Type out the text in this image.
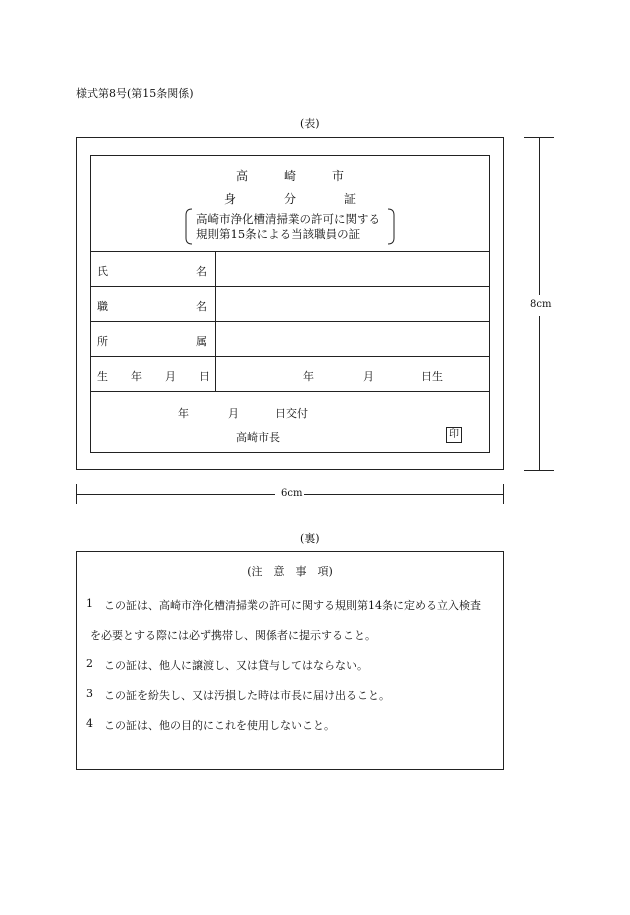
様式第8号(第15条関係)
(表)
高　　　崎　　　市
身　　　　分　　　　証
高崎市浄化槽清掃業の許可に関する
規則第15条による当該職員の証
氏名
職名
所属
生年月日	年	月	日生
年	月	日交付
高崎市長	印
8cm
6cm
(裏)
(注　意　事　項)
1 この証は、高崎市浄化槽清掃業の許可に関する規則第14条に定める立入検査
を必要とする際には必ず携帯し、関係者に提示すること。
2 この証は、他人に譲渡し、又は貸与してはならない。
3 この証を紛失し、又は汚損した時は市長に届け出ること。
4 この証は、他の目的にこれを使用しないこと。
